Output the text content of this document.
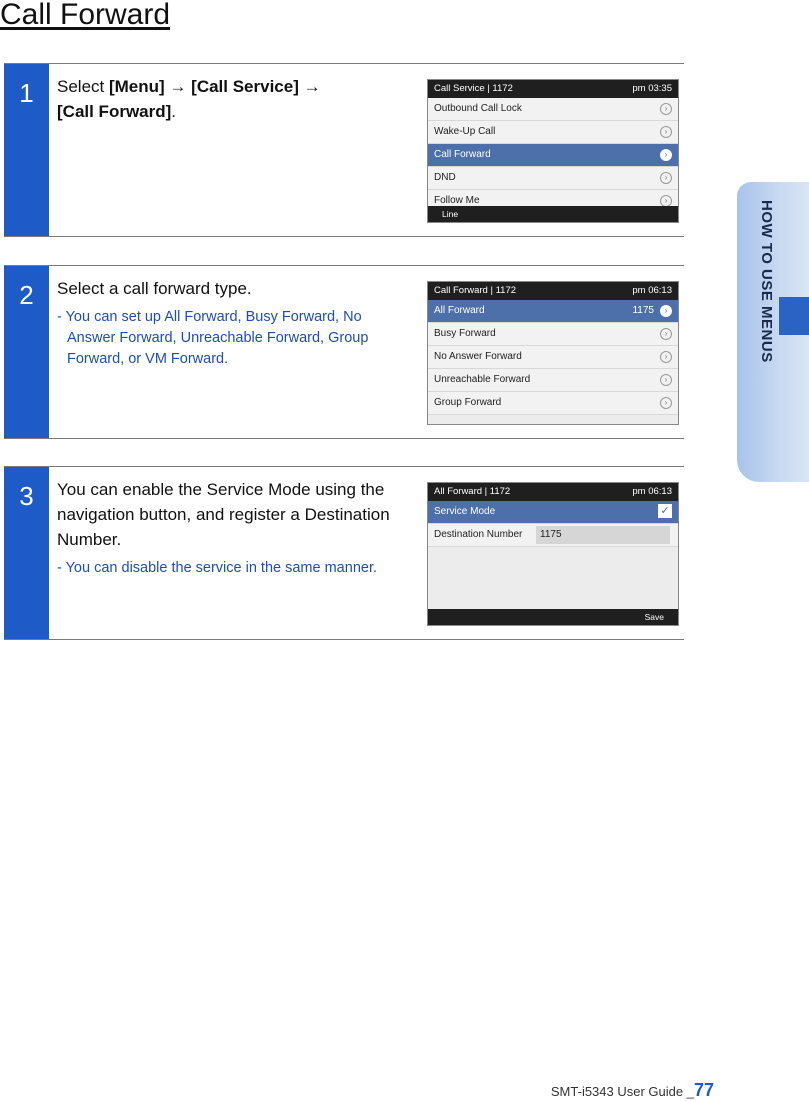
Call Forward
HOW TO USE MENUS
1	Select [Menu] → [Call Service] →
[Call Forward].
Call Service | 1172	pm 03:35
Outbound Call Lock	›
Wake-Up Call	›
Call Forward	›
DND	›
Follow Me	›
Line
2	Select a call forward type.
- You can set up All Forward, Busy Forward, No Answer Forward, Unreachable Forward, Group Forward, or VM Forward.
Call Forward | 1172	pm 06:13
All Forward	1175	›
Busy Forward	›
No Answer Forward	›
Unreachable Forward	›
Group Forward	›
3	You can enable the Service Mode using the navigation button, and register a Destination Number.
- You can disable the service in the same manner.
All Forward | 1172	pm 06:13
Service Mode	✓
Destination Number	1175
Save
SMT-i5343 User Guide _77
